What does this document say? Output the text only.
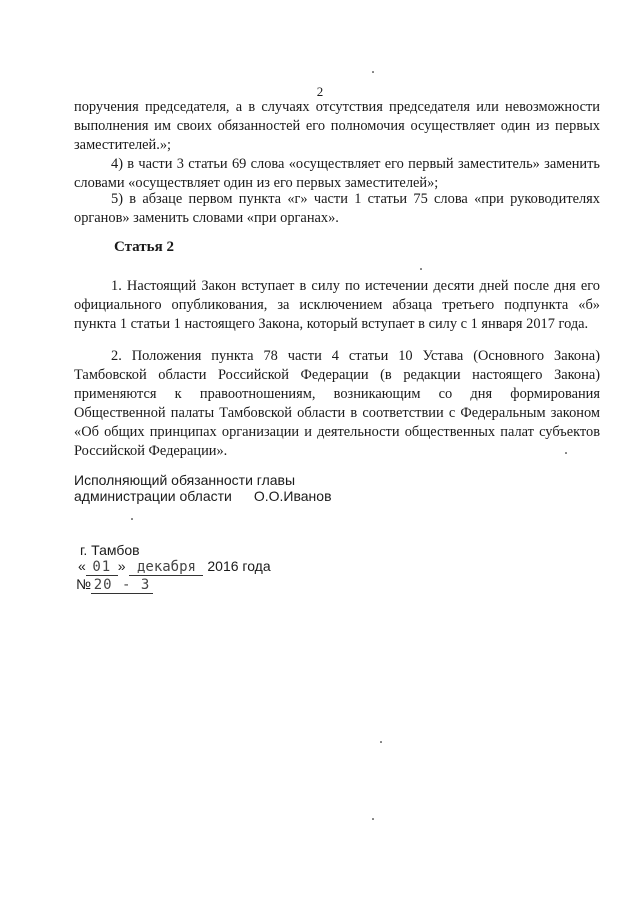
2

поручения председателя, а в случаях отсутствия председателя или невозможности выполнения им своих обязанностей его полномочия осуществляет один из первых заместителей.»;

4) в части 3 статьи 69 слова «осуществляет его первый заместитель» заменить словами «осуществляет один из его первых заместителей»;

5) в абзаце первом пункта «г» части 1 статьи 75 слова «при руководителях органов» заменить словами «при органах».

Статья 2

1. Настоящий Закон вступает в силу по истечении десяти дней после дня его официального опубликования, за исключением абзаца третьего подпункта «б» пункта 1 статьи 1 настоящего Закона, который вступает в силу с 1 января 2017 года.

2. Положения пункта 78 части 4 статьи 10 Устава (Основного Закона) Тамбовской области Российской Федерации (в редакции настоящего Закона) применяются к правоотношениям, возникающим со дня формирования Общественной палаты Тамбовской области в соответствии с Федеральным законом «Об общих принципах организации и деятельности общественных палат субъектов Российской Федерации».

Исполняющий обязанности главы
администрации области О.О.Иванов
г. Тамбов
« 01 » декабря 2016 года
№ 20 - 3
